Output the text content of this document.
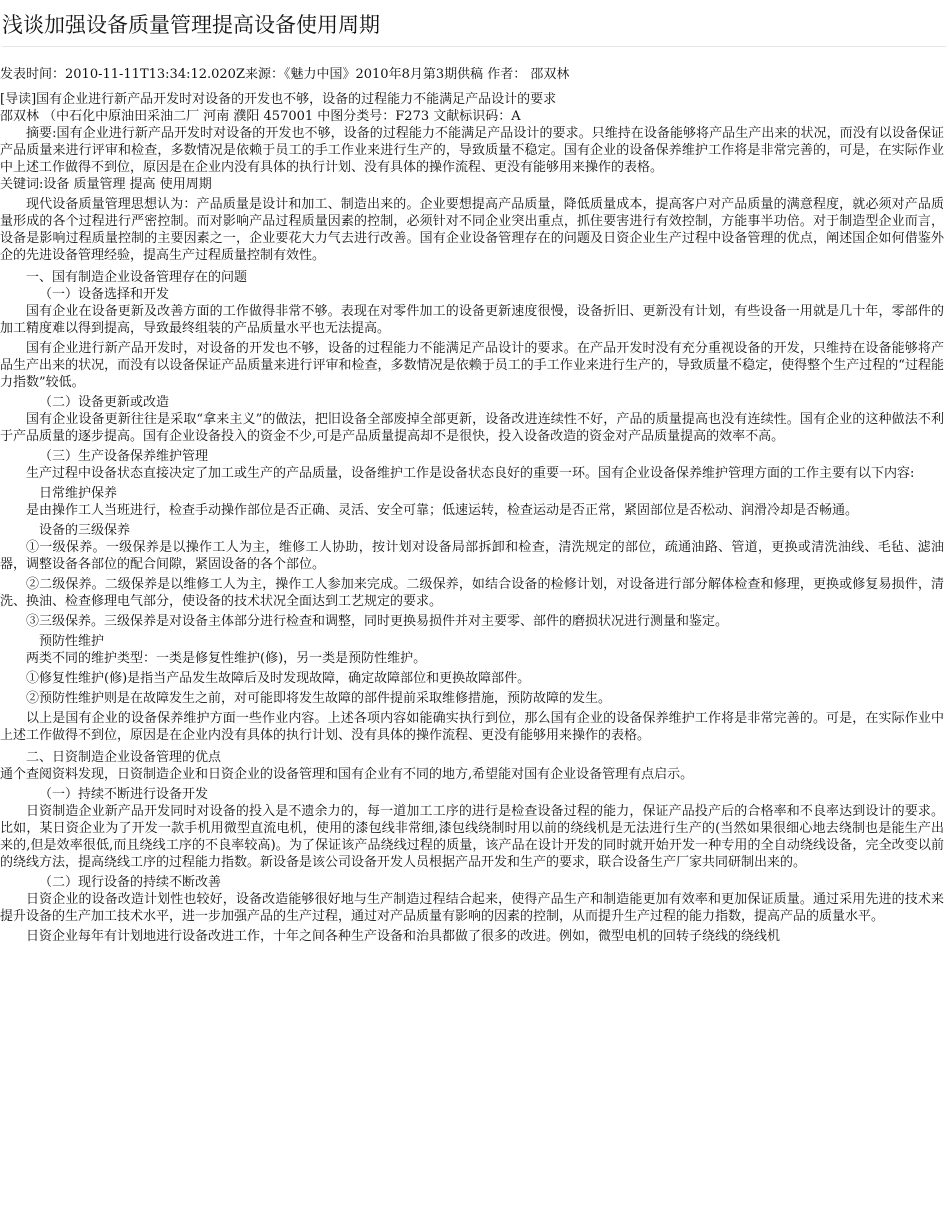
浅谈加强设备质量管理提高设备使用周期

发表时间：2010-11-11T13:34:12.020Z来源：《魅力中国》2010年8月第3期供稿 作者： 邵双林

[导读]国有企业进行新产品开发时对设备的开发也不够，设备的过程能力不能满足产品设计的要求

邵双林 （中石化中原油田采油二厂 河南 濮阳 457001 中图分类号：F273 文献标识码：A

摘要:国有企业进行新产品开发时对设备的开发也不够，设备的过程能力不能满足产品设计的要求。只维持在设备能够将产品生产出来的状况，而没有以设备保证产品质量来进行评审和检查，多数情况是依赖于员工的手工作业来进行生产的，导致质量不稳定。国有企业的设备保养维护工作将是非常完善的，可是，在实际作业中上述工作做得不到位，原因是在企业内没有具体的执行计划、没有具体的操作流程、更没有能够用来操作的表格。

关键词:设备 质量管理 提高 使用周期

现代设备质量管理思想认为：产品质量是设计和加工、制造出来的。企业要想提高产品质量，降低质量成本，提高客户对产品质量的满意程度，就必须对产品质量形成的各个过程进行严密控制。而对影响产品过程质量因素的控制，必须针对不同企业突出重点，抓住要害进行有效控制，方能事半功倍。对于制造型企业而言，设备是影响过程质量控制的主要因素之一，企业要花大力气去进行改善。国有企业设备管理存在的问题及日资企业生产过程中设备管理的优点，阐述国企如何借鉴外企的先进设备管理经验，提高生产过程质量控制有效性。

一、国有制造企业设备管理存在的问题

（一）设备选择和开发

国有企业在设备更新及改善方面的工作做得非常不够。表现在对零件加工的设备更新速度很慢，设备折旧、更新没有计划，有些设备一用就是几十年，零部件的加工精度难以得到提高，导致最终组装的产品质量水平也无法提高。

国有企业进行新产品开发时，对设备的开发也不够，设备的过程能力不能满足产品设计的要求。在产品开发时没有充分重视设备的开发，只维持在设备能够将产品生产出来的状况，而没有以设备保证产品质量来进行评审和检查，多数情况是依赖于员工的手工作业来进行生产的，导致质量不稳定，使得整个生产过程的“过程能力指数”较低。

（二）设备更新或改造

国有企业设备更新往往是采取“拿来主义”的做法，把旧设备全部废掉全部更新，设备改进连续性不好，产品的质量提高也没有连续性。国有企业的这种做法不利于产品质量的逐步提高。国有企业设备投入的资金不少,可是产品质量提高却不是很快，投入设备改造的资金对产品质量提高的效率不高。

（三）生产设备保养维护管理

生产过程中设备状态直接决定了加工或生产的产品质量，设备维护工作是设备状态良好的重要一环。国有企业设备保养维护管理方面的工作主要有以下内容:

日常维护保养

是由操作工人当班进行，检查手动操作部位是否正确、灵活、安全可靠；低速运转，检查运动是否正常，紧固部位是否松动、润滑冷却是否畅通。

设备的三级保养

①一级保养。一级保养是以操作工人为主，维修工人协助，按计划对设备局部拆卸和检查，清洗规定的部位，疏通油路、管道，更换或清洗油线、毛毡、滤油器，调整设备各部位的配合间隙，紧固设备的各个部位。

②二级保养。二级保养是以维修工人为主，操作工人参加来完成。二级保养，如结合设备的检修计划，对设备进行部分解体检查和修理，更换或修复易损件，清洗、换油、检查修理电气部分，使设备的技术状况全面达到工艺规定的要求。

③三级保养。三级保养是对设备主体部分进行检查和调整，同时更换易损件并对主要零、部件的磨损状况进行测量和鉴定。

预防性维护

两类不同的维护类型：一类是修复性维护(修)，另一类是预防性维护。

①修复性维护(修)是指当产品发生故障后及时发现故障，确定故障部位和更换故障部件。

②预防性维护则是在故障发生之前，对可能即将发生故障的部件提前采取维修措施，预防故障的发生。

以上是国有企业的设备保养维护方面一些作业内容。上述各项内容如能确实执行到位，那么国有企业的设备保养维护工作将是非常完善的。可是，在实际作业中上述工作做得不到位，原因是在企业内没有具体的执行计划、没有具体的操作流程、更没有能够用来操作的表格。

二、日资制造企业设备管理的优点

通个查阅资料发现，日资制造企业和日资企业的设备管理和国有企业有不同的地方,希望能对国有企业设备管理有点启示。

（一）持续不断进行设备开发

日资制造企业新产品开发同时对设备的投入是不遗余力的，每一道加工工序的进行是检查设备过程的能力，保证产品投产后的合格率和不良率达到设计的要求。比如，某日资企业为了开发一款手机用微型直流电机，使用的漆包线非常细,漆包线绕制时用以前的绕线机是无法进行生产的(当然如果很细心地去绕制也是能生产出来的,但是效率很低,而且绕线工序的不良率较高)。为了保证该产品绕线过程的质量，该产品在设计开发的同时就开始开发一种专用的全自动绕线设备，完全改变以前的绕线方法，提高绕线工序的过程能力指数。新设备是该公司设备开发人员根据产品开发和生产的要求，联合设备生产厂家共同研制出来的。

（二）现行设备的持续不断改善

日资企业的设备改造计划性也较好，设备改造能够很好地与生产制造过程结合起来，使得产品生产和制造能更加有效率和更加保证质量。通过采用先进的技术来提升设备的生产加工技术水平，进一步加强产品的生产过程，通过对产品质量有影响的因素的控制，从而提升生产过程的能力指数，提高产品的质量水平。

日资企业每年有计划地进行设备改进工作，十年之间各种生产设备和治具都做了很多的改进。例如，微型电机的回转子绕线的绕线机
